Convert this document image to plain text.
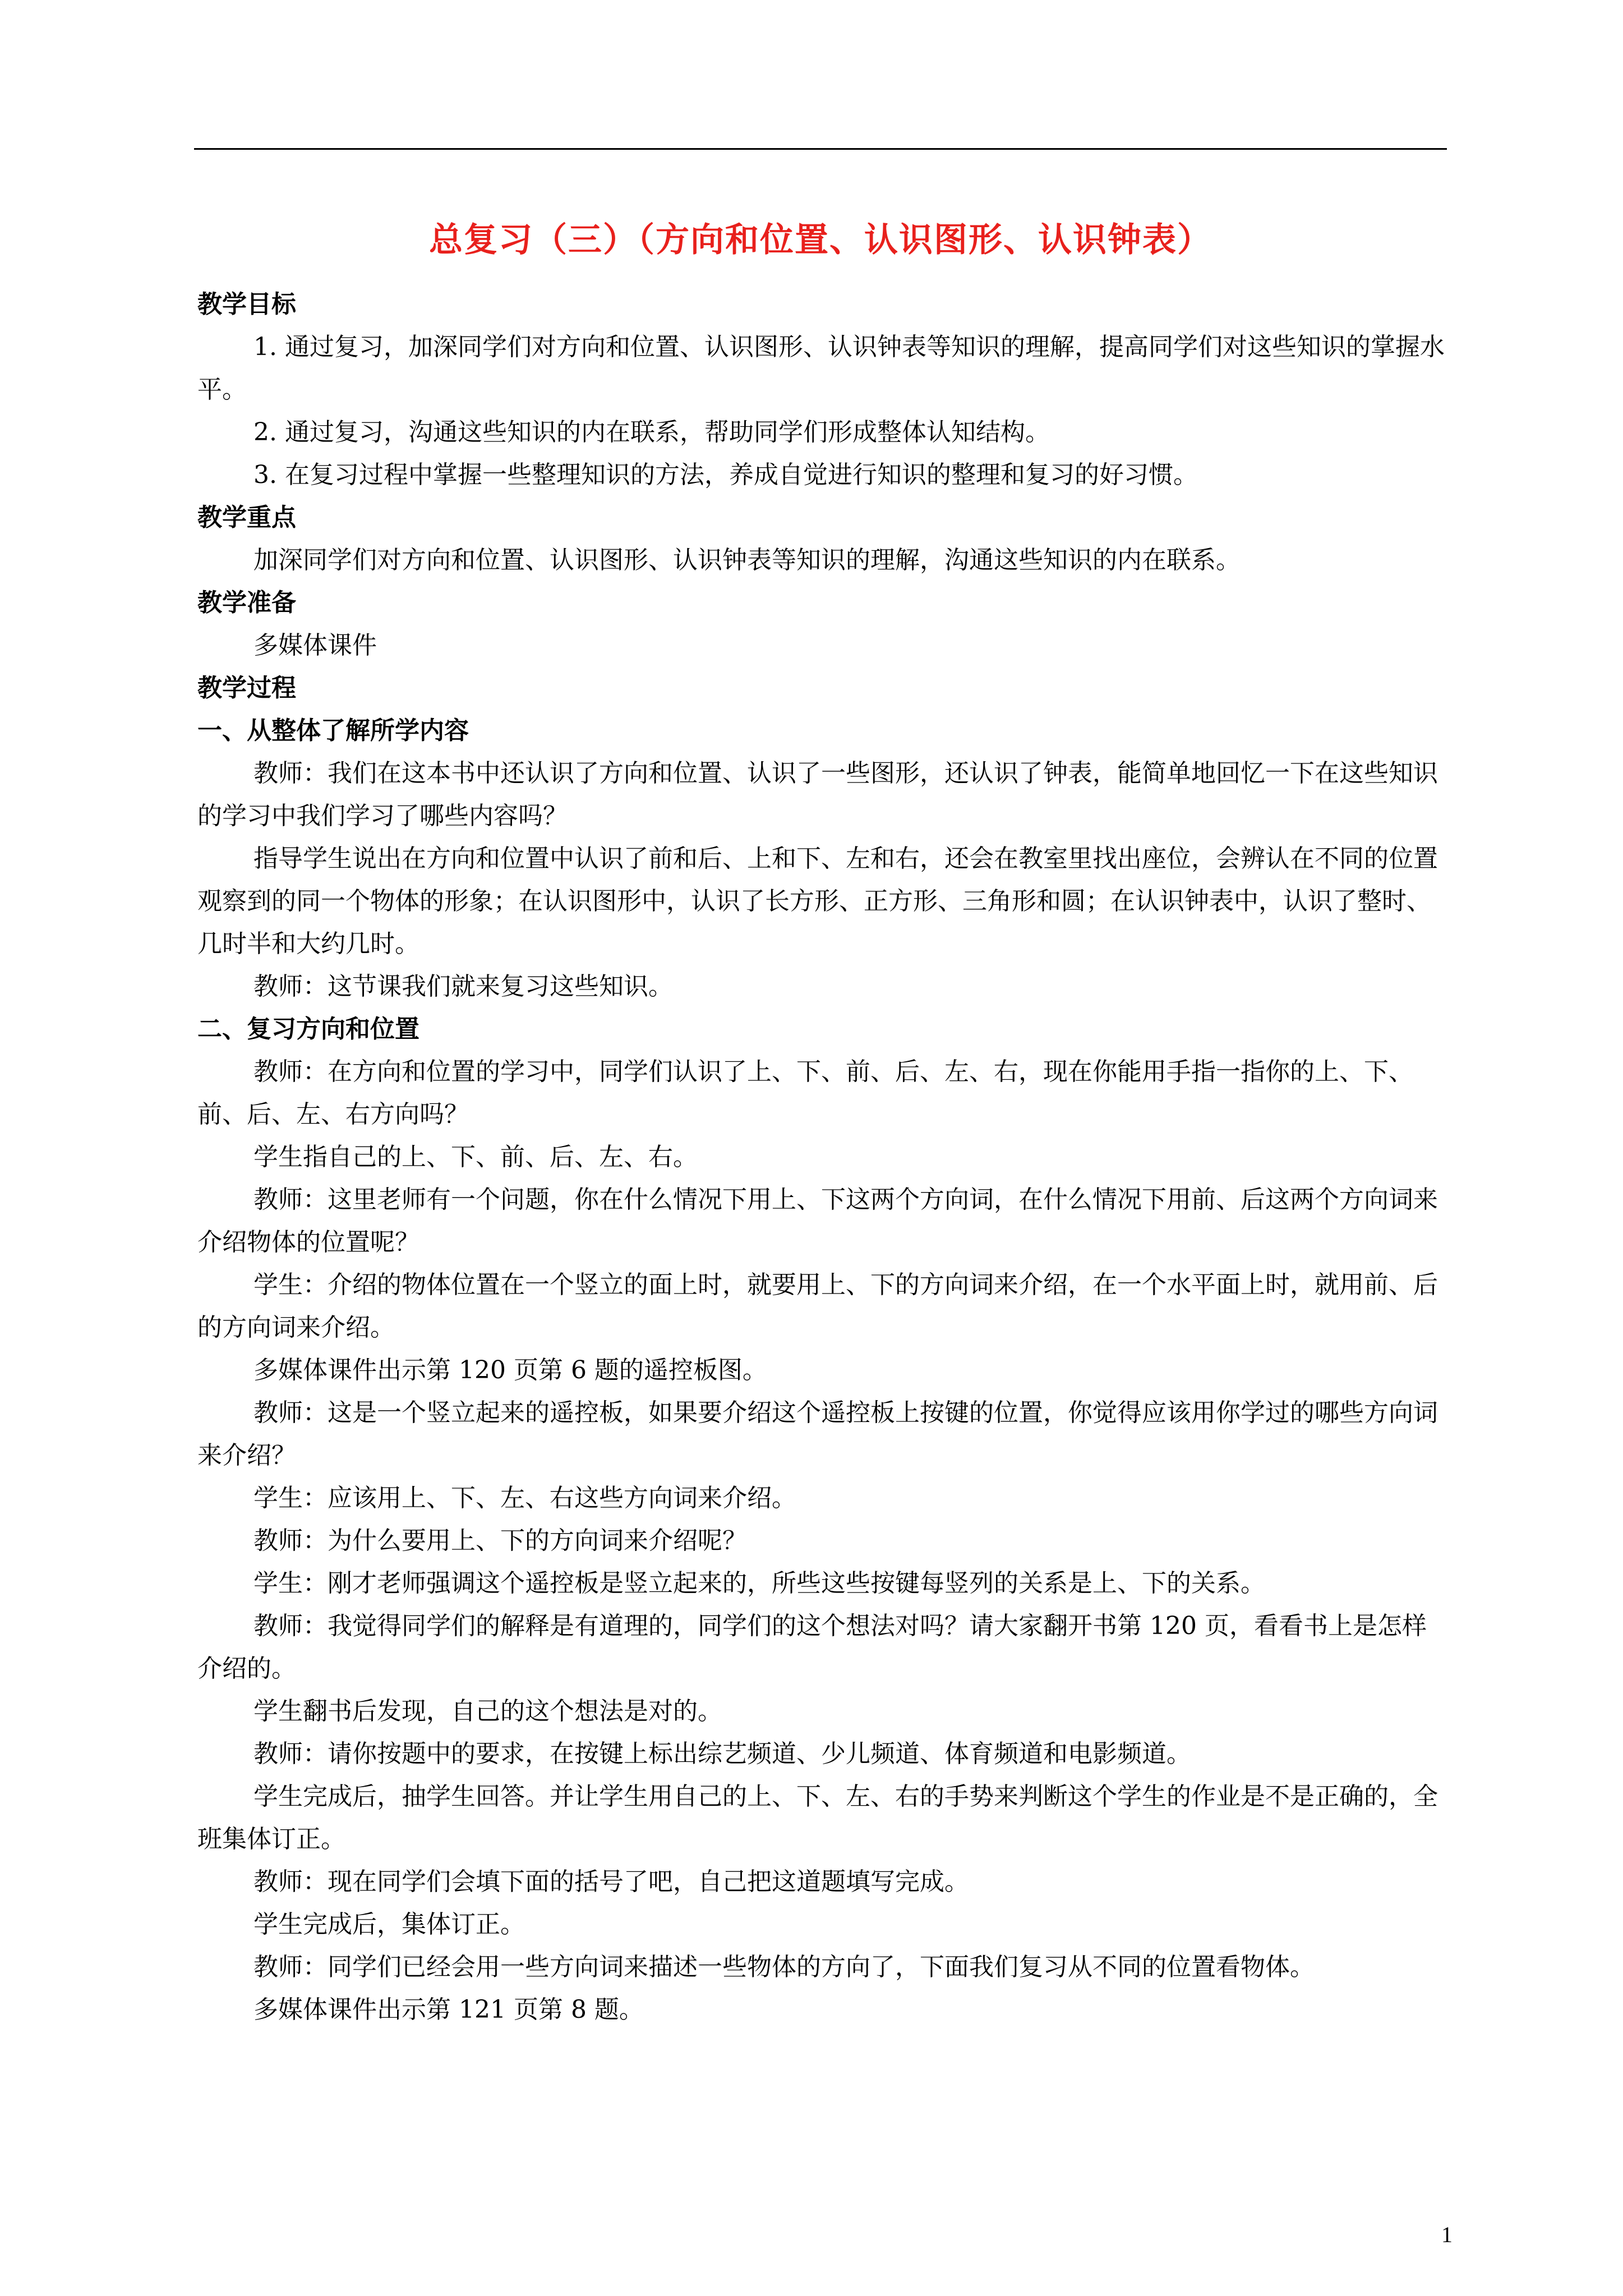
总复习（三）（方向和位置、认识图形、认识钟表）

教学目标

1. 通过复习，加深同学们对方向和位置、认识图形、认识钟表等知识的理解，提高同学们对这些知识的掌握水平。

2. 通过复习，沟通这些知识的内在联系，帮助同学们形成整体认知结构。

3. 在复习过程中掌握一些整理知识的方法，养成自觉进行知识的整理和复习的好习惯。

教学重点

加深同学们对方向和位置、认识图形、认识钟表等知识的理解，沟通这些知识的内在联系。

教学准备

多媒体课件

教学过程

一、从整体了解所学内容

教师：我们在这本书中还认识了方向和位置、认识了一些图形，还认识了钟表，能简单地回忆一下在这些知识的学习中我们学习了哪些内容吗？

指导学生说出在方向和位置中认识了前和后、上和下、左和右，还会在教室里找出座位，会辨认在不同的位置观察到的同一个物体的形象；在认识图形中，认识了长方形、正方形、三角形和圆；在认识钟表中，认识了整时、几时半和大约几时。

教师：这节课我们就来复习这些知识。

二、复习方向和位置

教师：在方向和位置的学习中，同学们认识了上、下、前、后、左、右，现在你能用手指一指你的上、下、前、后、左、右方向吗？

学生指自己的上、下、前、后、左、右。

教师：这里老师有一个问题，你在什么情况下用上、下这两个方向词，在什么情况下用前、后这两个方向词来介绍物体的位置呢？

学生：介绍的物体位置在一个竖立的面上时，就要用上、下的方向词来介绍，在一个水平面上时，就用前、后的方向词来介绍。

多媒体课件出示第 120 页第 6 题的遥控板图。

教师：这是一个竖立起来的遥控板，如果要介绍这个遥控板上按键的位置，你觉得应该用你学过的哪些方向词来介绍？

学生：应该用上、下、左、右这些方向词来介绍。

教师：为什么要用上、下的方向词来介绍呢？

学生：刚才老师强调这个遥控板是竖立起来的，所些这些按键每竖列的关系是上、下的关系。

教师：我觉得同学们的解释是有道理的，同学们的这个想法对吗？请大家翻开书第 120 页，看看书上是怎样介绍的。

学生翻书后发现，自己的这个想法是对的。

教师：请你按题中的要求，在按键上标出综艺频道、少儿频道、体育频道和电影频道。

学生完成后，抽学生回答。并让学生用自己的上、下、左、右的手势来判断这个学生的作业是不是正确的，全班集体订正。

教师：现在同学们会填下面的括号了吧，自己把这道题填写完成。

学生完成后，集体订正。

教师：同学们已经会用一些方向词来描述一些物体的方向了，下面我们复习从不同的位置看物体。

多媒体课件出示第 121 页第 8 题。

1
